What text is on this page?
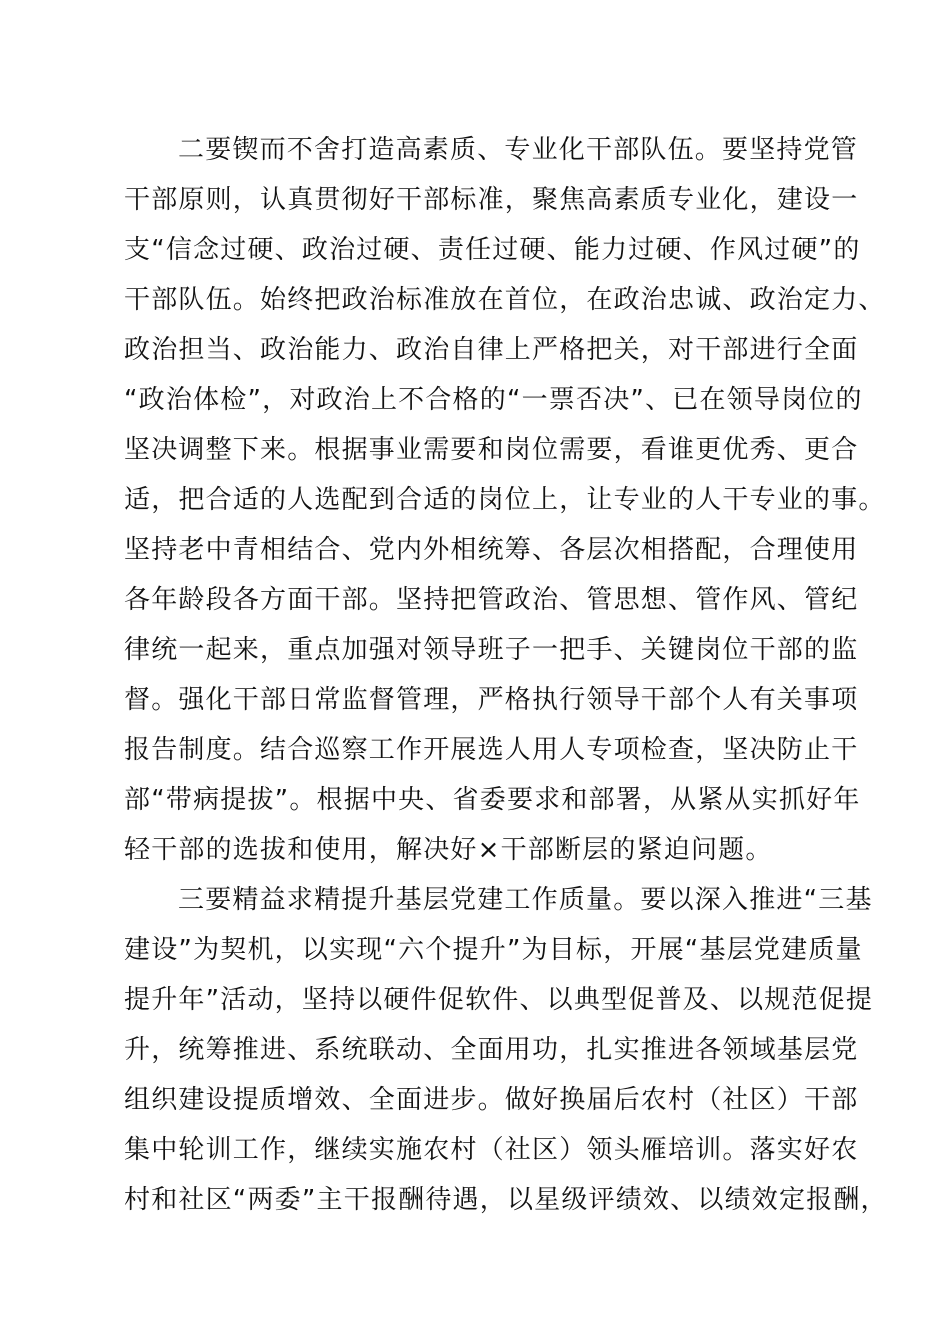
二要锲而不舍打造高素质、专业化干部队伍。要坚持党管
干部原则，认真贯彻好干部标准，聚焦高素质专业化，建设一
支“信念过硬、政治过硬、责任过硬、能力过硬、作风过硬”的
干部队伍。始终把政治标准放在首位，在政治忠诚、政治定力、
政治担当、政治能力、政治自律上严格把关，对干部进行全面
“政治体检”，对政治上不合格的“一票否决”、已在领导岗位的
坚决调整下来。根据事业需要和岗位需要，看谁更优秀、更合
适，把合适的人选配到合适的岗位上，让专业的人干专业的事。
坚持老中青相结合、党内外相统筹、各层次相搭配，合理使用
各年龄段各方面干部。坚持把管政治、管思想、管作风、管纪
律统一起来，重点加强对领导班子一把手、关键岗位干部的监
督。强化干部日常监督管理，严格执行领导干部个人有关事项
报告制度。结合巡察工作开展选人用人专项检查，坚决防止干
部“带病提拔”。根据中央、省委要求和部署，从紧从实抓好年
轻干部的选拔和使用，解决好×干部断层的紧迫问题。
三要精益求精提升基层党建工作质量。要以深入推进“三基
建设”为契机，以实现“六个提升”为目标，开展“基层党建质量
提升年”活动，坚持以硬件促软件、以典型促普及、以规范促提
升，统筹推进、系统联动、全面用功，扎实推进各领域基层党
组织建设提质增效、全面进步。做好换届后农村（社区）干部
集中轮训工作，继续实施农村（社区）领头雁培训。落实好农
村和社区“两委”主干报酬待遇，以星级评绩效、以绩效定报酬，
